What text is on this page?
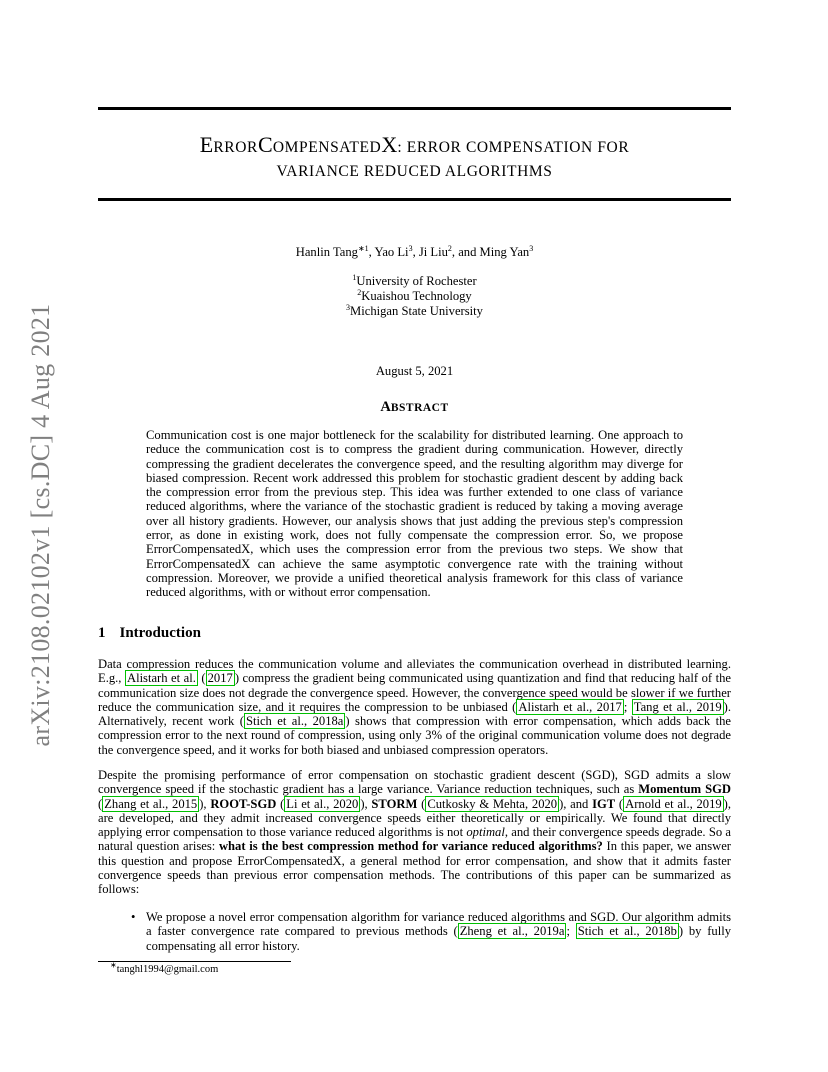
arXiv:2108.02102v1 [cs.DC] 4 Aug 2021
ERRORCOMPENSATEDX: ERROR COMPENSATION FOR
VARIANCE REDUCED ALGORITHMS
Hanlin Tang$^{∗1}$, Yao Li$^3$, Ji Liu$^2$, and Ming Yan$^3$
$^1$University of Rochester
$^2$Kuaishou Technology
$^3$Michigan State University
August 5, 2021
ABSTRACT
Communication cost is one major bottleneck for the scalability for distributed learning. One approach to reduce the communication cost is to compress the gradient during communication. However, directly compressing the gradient decelerates the convergence speed, and the resulting algorithm may diverge for biased compression. Recent work addressed this problem for stochastic gradient descent by adding back the compression error from the previous step. This idea was further extended to one class of variance reduced algorithms, where the variance of the stochastic gradient is reduced by taking a moving average over all history gradients. However, our analysis shows that just adding the previous step's compression error, as done in existing work, does not fully compensate the compression error. So, we propose ErrorCompensatedX, which uses the compression error from the previous two steps. We show that ErrorCompensatedX can achieve the same asymptotic convergence rate with the training without compression. Moreover, we provide a unified theoretical analysis framework for this class of variance reduced algorithms, with or without error compensation.
1 Introduction
Data compression reduces the communication volume and alleviates the communication overhead in distributed learning. E.g., Alistarh et al. ( 2017 ) compress the gradient being communicated using quantization and find that reducing half of the communication size does not degrade the convergence speed. However, the convergence speed would be slower if we further reduce the communication size, and it requires the compression to be unbiased ( Alistarh et al., 2017 ; Tang et al., 2019 ). Alternatively, recent work ( Stich et al., 2018a ) shows that compression with error compensation, which adds back the compression error to the next round of compression, using only 3% of the original communication volume does not degrade the convergence speed, and it works for both biased and unbiased compression operators.
Despite the promising performance of error compensation on stochastic gradient descent (SGD), SGD admits a slow convergence speed if the stochastic gradient has a large variance. Variance reduction techniques, such as Momentum SGD ( Zhang et al., 2015 ), ROOT-SGD ( Li et al., 2020 ), STORM ( Cutkosky & Mehta, 2020 ), and IGT ( Arnold et al., 2019 ), are developed, and they admit increased convergence speeds either theoretically or empirically. We found that directly applying error compensation to those variance reduced algorithms is not optimal, and their convergence speeds degrade. So a natural question arises: what is the best compression method for variance reduced algorithms? In this paper, we answer this question and propose ErrorCompensatedX, a general method for error compensation, and show that it admits faster convergence speeds than previous error compensation methods. The contributions of this paper can be summarized as follows:
• We propose a novel error compensation algorithm for variance reduced algorithms and SGD. Our algorithm admits a faster convergence rate compared to previous methods ( Zheng et al., 2019a ; Stich et al., 2018b ) by fully compensating all error history.
∗tanghl1994@gmail.com
